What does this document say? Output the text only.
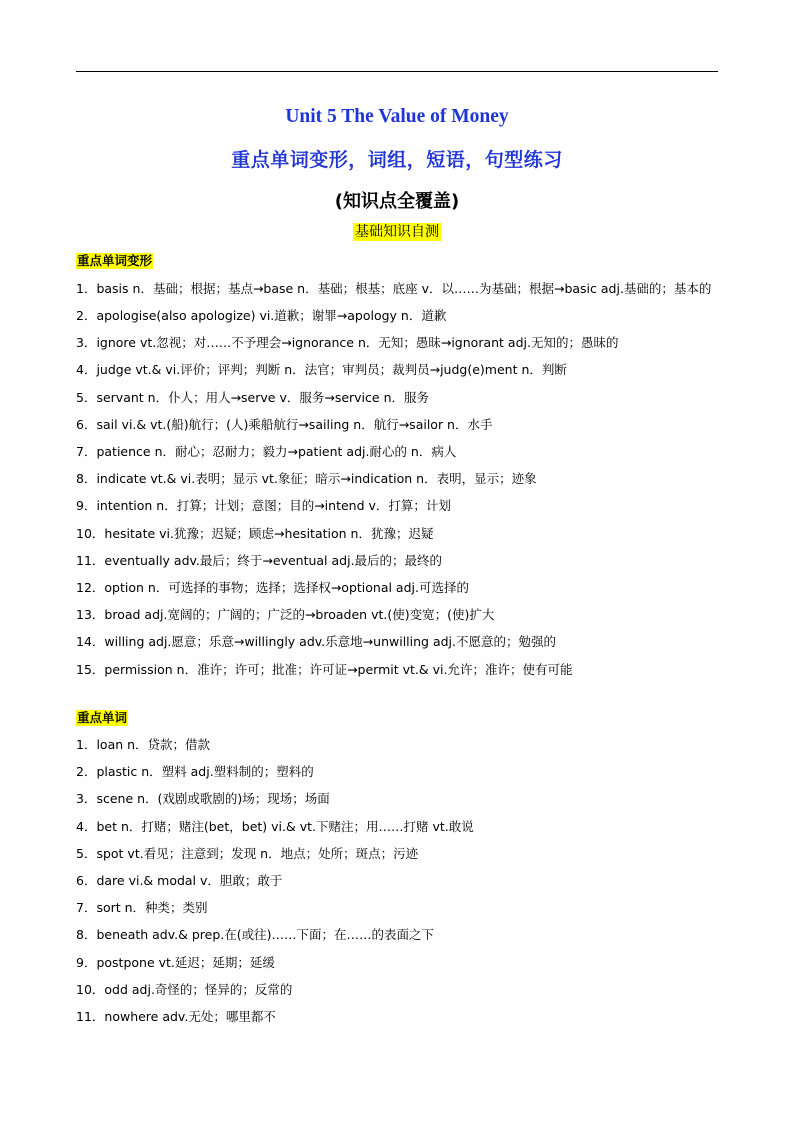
Unit 5 The Value of Money
重点单词变形，词组，短语，句型练习
(知识点全覆盖)
基础知识自测
重点单词变形
1．basis n．基础；根据；基点→base n．基础；根基；底座 v．以……为基础；根据→basic adj.基础的；基本的
2．apologise(also apologize) vi.道歉；谢罪→apology n．道歉
3．ignore vt.忽视；对……不予理会→ignorance n．无知；愚昧→ignorant adj.无知的；愚昧的
4．judge vt.& vi.评价；评判；判断 n．法官；审判员；裁判员→judg(e)ment n．判断
5．servant n．仆人；用人→serve v．服务→service n．服务
6．sail vi.& vt.(船)航行；(人)乘船航行→sailing n．航行→sailor n．水手
7．patience n．耐心；忍耐力；毅力→patient adj.耐心的 n．病人
8．indicate vt.& vi.表明；显示 vt.象征；暗示→indication n．表明，显示；迹象
9．intention n．打算；计划；意图；目的→intend v．打算；计划
10．hesitate vi.犹豫；迟疑；顾虑→hesitation n．犹豫；迟疑
11．eventually adv.最后；终于→eventual adj.最后的；最终的
12．option n．可选择的事物；选择；选择权→optional adj.可选择的
13．broad adj.宽阔的；广阔的；广泛的→broaden vt.(使)变宽；(使)扩大
14．willing adj.愿意；乐意→willingly adv.乐意地→unwilling adj.不愿意的；勉强的
15．permission n．准许；许可；批准；许可证→permit vt.& vi.允许；准许；使有可能
重点单词
1．loan n．贷款；借款
2．plastic n．塑料 adj.塑料制的；塑料的
3．scene n．(戏剧或歌剧的)场；现场；场面
4．bet n．打赌；赌注(bet，bet) vi.& vt.下赌注；用……打赌 vt.敢说
5．spot vt.看见；注意到；发现 n．地点；处所；斑点；污迹
6．dare vi.& modal v．胆敢；敢于
7．sort n．种类；类别
8．beneath adv.& prep.在(或往)……下面；在……的表面之下
9．postpone vt.延迟；延期；延缓
10．odd adj.奇怪的；怪异的；反常的
11．nowhere adv.无处；哪里都不
